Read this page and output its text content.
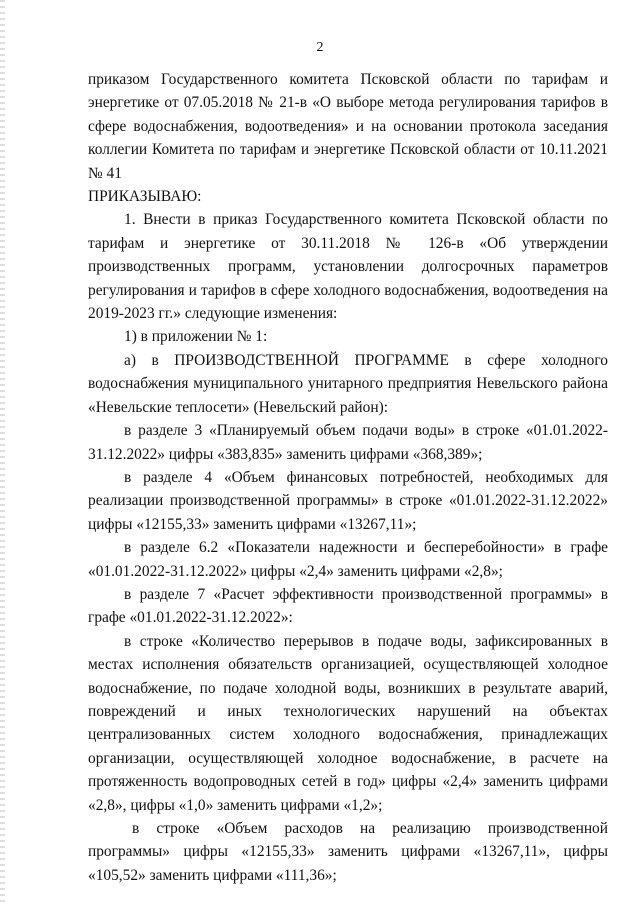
2

приказом Государственного комитета Псковской области по тарифам и энергетике от 07.05.2018 № 21-в «О выборе метода регулирования тарифов в сфере водоснабжения, водоотведения» и на основании протокола заседания коллегии Комитета по тарифам и энергетике Псковской области от 10.11.2021 № 41

ПРИКАЗЫВАЮ:

1. Внести в приказ Государственного комитета Псковской области по тарифам и энергетике от 30.11.2018 № 126-в «Об утверждении производственных программ, установлении долгосрочных параметров регулирования и тарифов в сфере холодного водоснабжения, водоотведения на 2019-2023 гг.» следующие изменения:

1) в приложении № 1:

а) в ПРОИЗВОДСТВЕННОЙ ПРОГРАММЕ в сфере холодного водоснабжения муниципального унитарного предприятия Невельского района «Невельские теплосети» (Невельский район):

в разделе 3 «Планируемый объем подачи воды» в строке «01.01.2022-31.12.2022» цифры «383,835» заменить цифрами «368,389»;

в разделе 4 «Объем финансовых потребностей, необходимых для реализации производственной программы» в строке «01.01.2022-31.12.2022» цифры «12155,33» заменить цифрами «13267,11»;

в разделе 6.2 «Показатели надежности и бесперебойности» в графе «01.01.2022-31.12.2022» цифры «2,4» заменить цифрами «2,8»;

в разделе 7 «Расчет эффективности производственной программы» в графе «01.01.2022-31.12.2022»:

в строке «Количество перерывов в подаче воды, зафиксированных в местах исполнения обязательств организацией, осуществляющей холодное водоснабжение, по подаче холодной воды, возникших в результате аварий, повреждений и иных технологических нарушений на объектах централизованных систем холодного водоснабжения, принадлежащих организации, осуществляющей холодное водоснабжение, в расчете на протяженность водопроводных сетей в год» цифры «2,4» заменить цифрами «2,8», цифры «1,0» заменить цифрами «1,2»;

в строке «Объем расходов на реализацию производственной программы» цифры «12155,33» заменить цифрами «13267,11», цифры «105,52» заменить цифрами «111,36»;
